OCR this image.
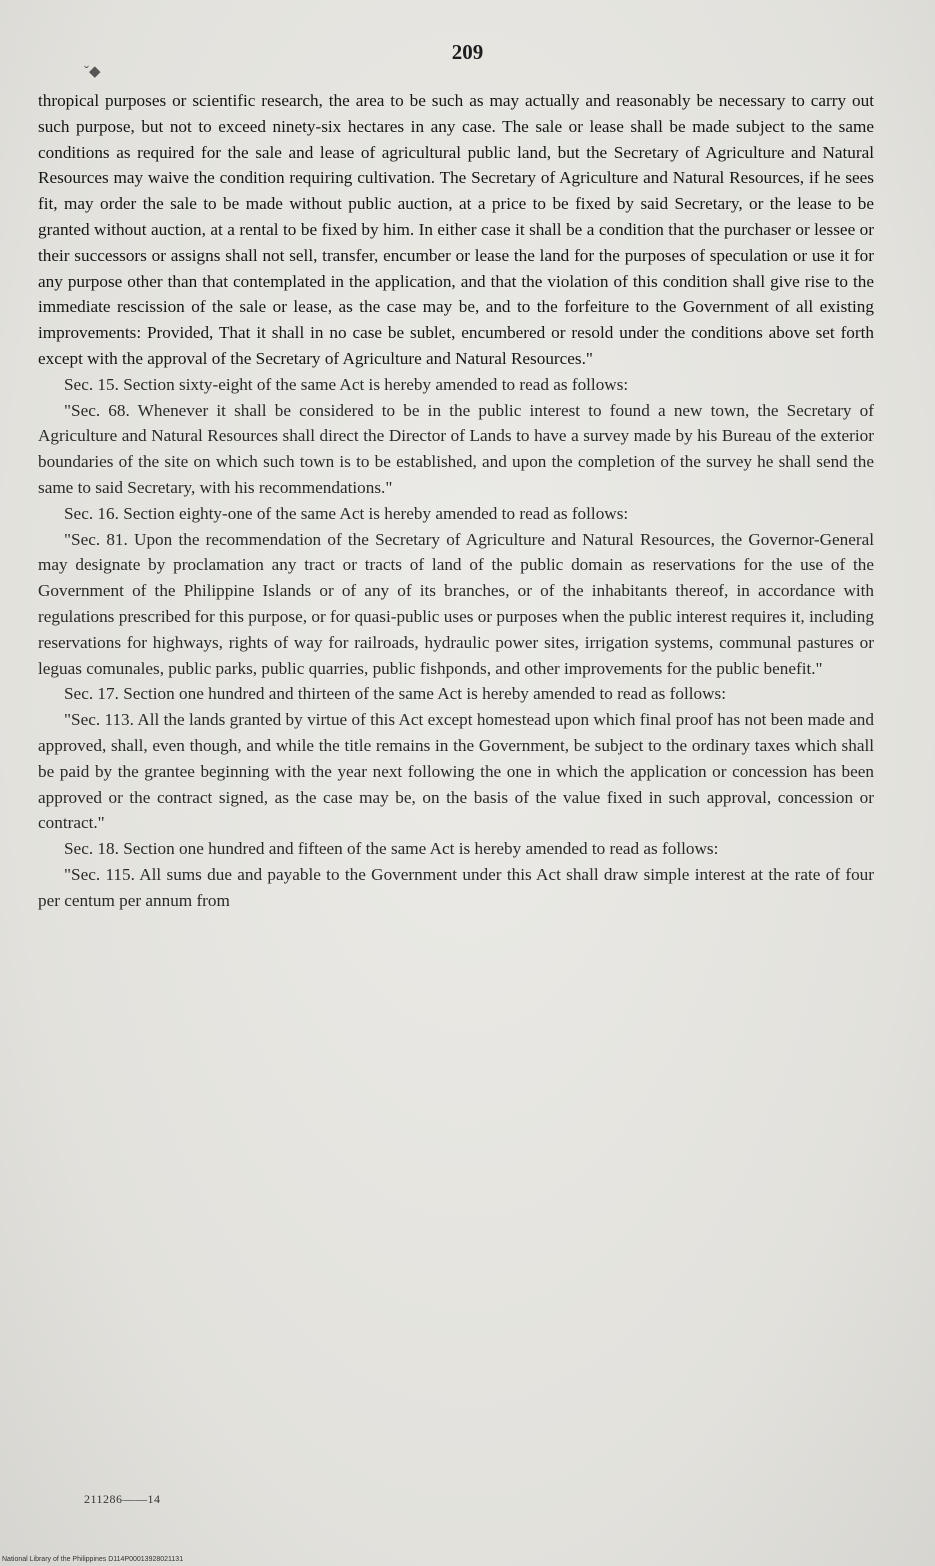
ˇ◆
209

thropical purposes or scientific research, the area to be such as may actually and reasonably be necessary to carry out such purpose, but not to exceed ninety-six hectares in any case. The sale or lease shall be made subject to the same conditions as required for the sale and lease of agricultural public land, but the Secretary of Agriculture and Natural Resources may waive the condition requiring cultivation. The Secretary of Agriculture and Natural Resources, if he sees fit, may order the sale to be made without public auction, at a price to be fixed by said Secretary, or the lease to be granted without auction, at a rental to be fixed by him. In either case it shall be a condition that the purchaser or lessee or their successors or assigns shall not sell, transfer, encumber or lease the land for the purposes of speculation or use it for any purpose other than that contemplated in the application, and that the violation of this condition shall give rise to the immediate rescission of the sale or lease, as the case may be, and to the forfeiture to the Government of all existing improvements: Provided, That it shall in no case be sublet, encumbered or resold under the conditions above set forth except with the approval of the Secretary of Agriculture and Natural Resources."

Sec. 15. Section sixty-eight of the same Act is hereby amended to read as follows:

"Sec. 68. Whenever it shall be considered to be in the public interest to found a new town, the Secretary of Agriculture and Natural Resources shall direct the Director of Lands to have a survey made by his Bureau of the exterior boundaries of the site on which such town is to be established, and upon the completion of the survey he shall send the same to said Secretary, with his recommendations."

Sec. 16. Section eighty-one of the same Act is hereby amended to read as follows:

"Sec. 81. Upon the recommendation of the Secretary of Agriculture and Natural Resources, the Governor-General may designate by proclamation any tract or tracts of land of the public domain as reservations for the use of the Government of the Philippine Islands or of any of its branches, or of the inhabitants thereof, in accordance with regulations prescribed for this purpose, or for quasi-public uses or purposes when the public interest requires it, including reservations for highways, rights of way for railroads, hydraulic power sites, irrigation systems, communal pastures or leguas comunales, public parks, public quarries, public fishponds, and other improvements for the public benefit."

Sec. 17. Section one hundred and thirteen of the same Act is hereby amended to read as follows:

"Sec. 113. All the lands granted by virtue of this Act except homestead upon which final proof has not been made and approved, shall, even though, and while the title remains in the Government, be subject to the ordinary taxes which shall be paid by the grantee beginning with the year next following the one in which the application or concession has been approved or the contract signed, as the case may be, on the basis of the value fixed in such approval, concession or contract."

Sec. 18. Section one hundred and fifteen of the same Act is hereby amended to read as follows:

"Sec. 115. All sums due and payable to the Government under this Act shall draw simple interest at the rate of four per centum per annum from

211286——14
National Library of the Philippines D114P00013928021131
